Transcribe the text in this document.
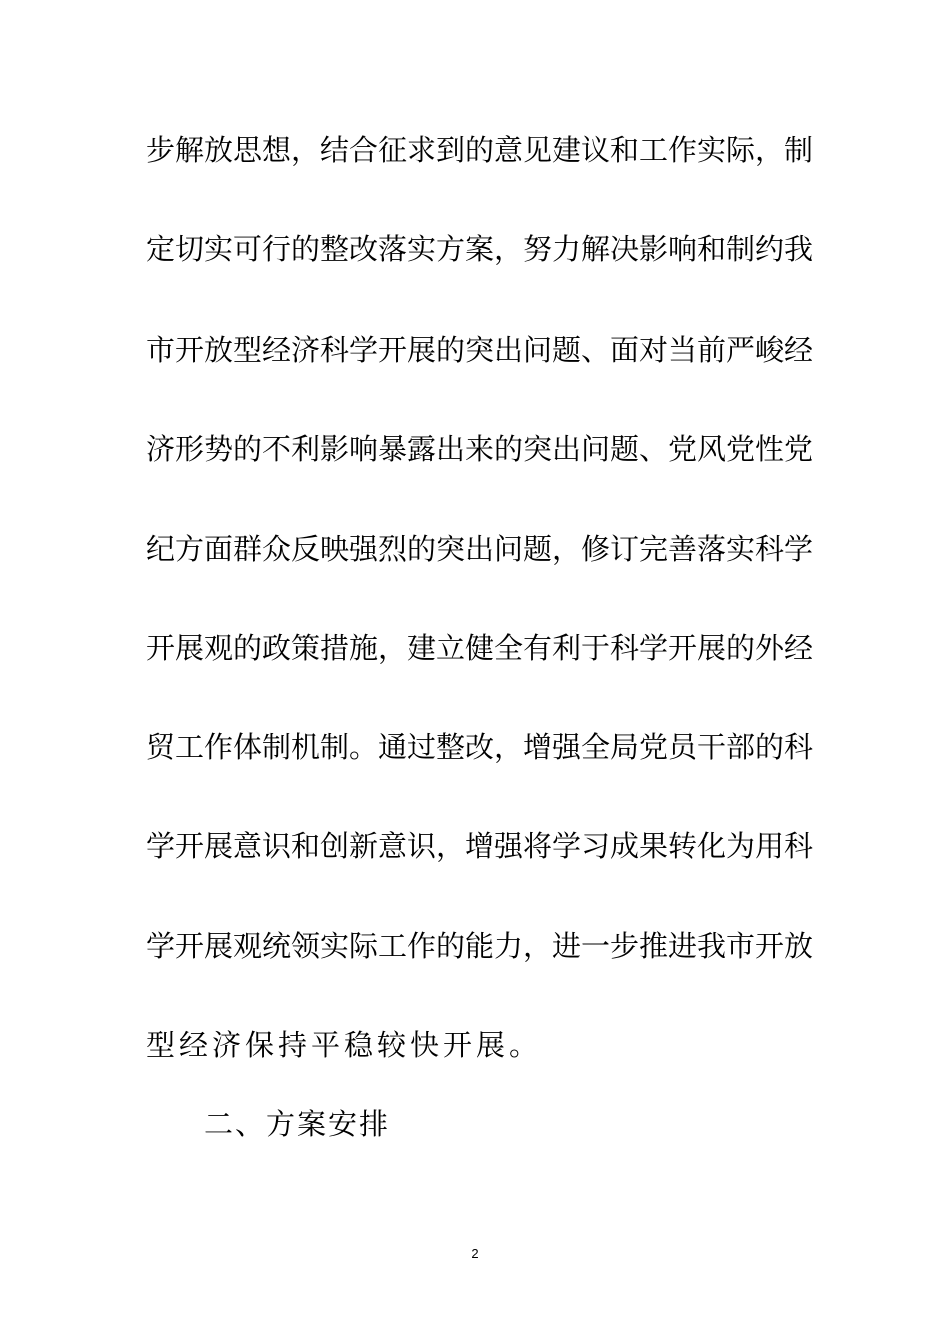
步解放思想，结合征求到的意见建议和工作实际，制
定切实可行的整改落实方案，努力解决影响和制约我
市开放型经济科学开展的突出问题、面对当前严峻经
济形势的不利影响暴露出来的突出问题、党风党性党
纪方面群众反映强烈的突出问题，修订完善落实科学
开展观的政策措施，建立健全有利于科学开展的外经
贸工作体制机制。通过整改，增强全局党员干部的科
学开展意识和创新意识，增强将学习成果转化为用科
学开展观统领实际工作的能力，进一步推进我市开放
型经济保持平稳较快开展。
二、方案安排
2
